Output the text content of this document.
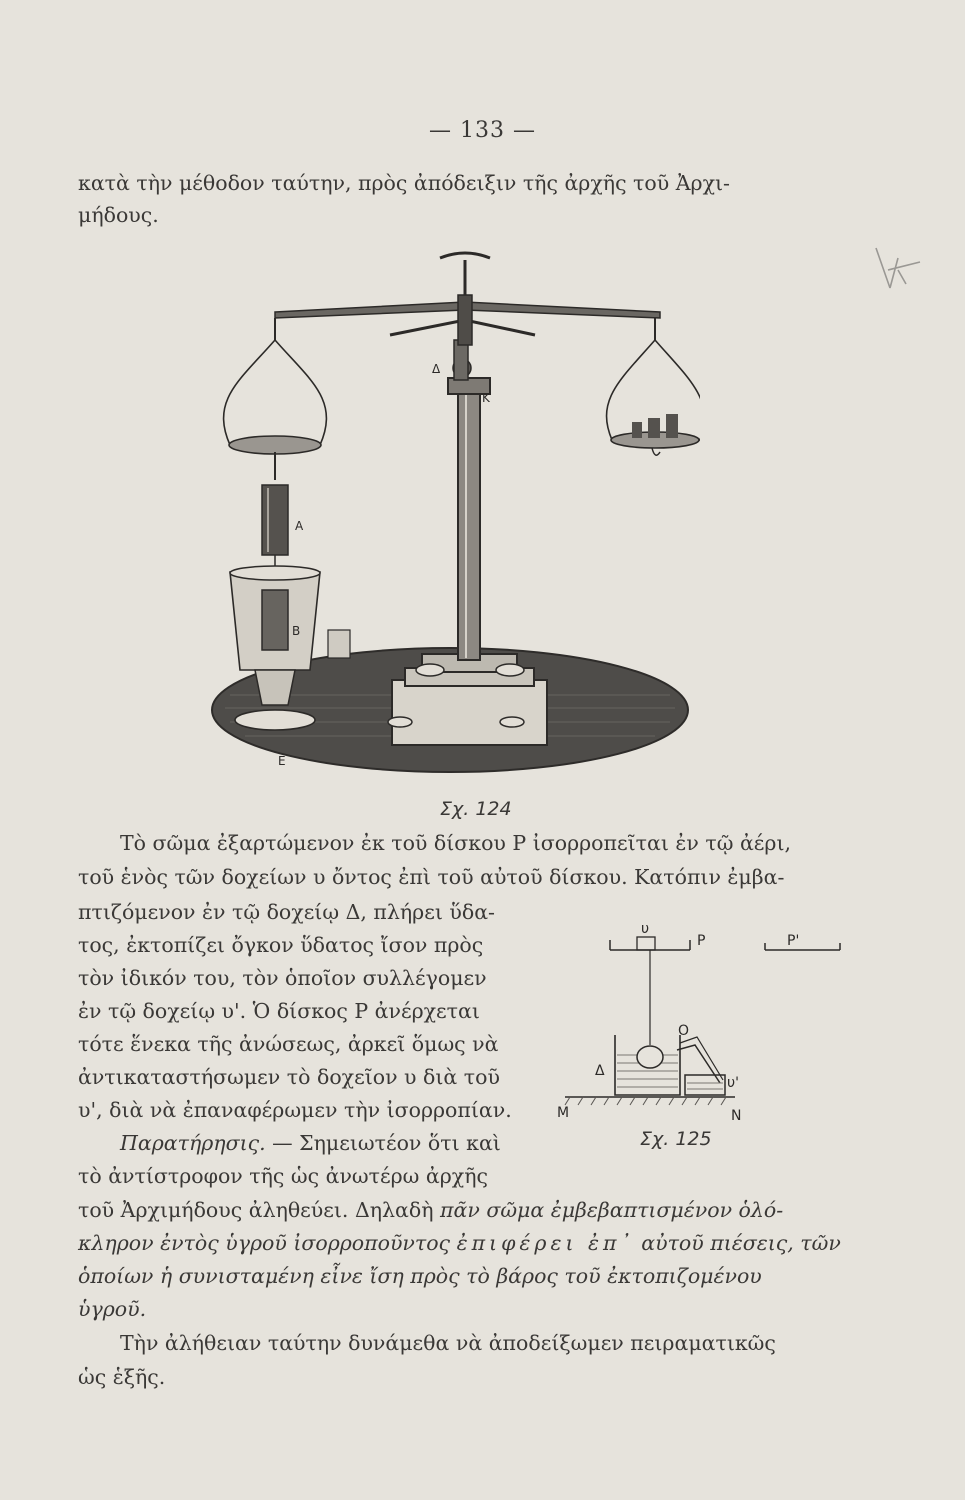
— 133 —
κατὰ τὴν μέθοδον ταύτην, πρὸς ἀπόδειξιν τῆς ἀρχῆς τοῦ Ἀρχι-
μήδους.
Δ
K
A
B
E
Σχ. 124
Τὸ σῶμα ἐξαρτώμενον ἐκ τοῦ δίσκου P ἰσορροπεῖται ἐν τῷ ἀέρι,
τοῦ ἑνὸς τῶν δοχείων υ ὄντος ἐπὶ τοῦ αὐτοῦ δίσκου. Κατόπιν ἐμβα-
πτιζόμενον ἐν τῷ δοχείῳ Δ, πλήρει ὕδα-
τος, ἐκτοπίζει ὄγκον ὕδατος ἴσον πρὸς
τὸν ἰδικόν του, τὸν ὁποῖον συλλέγομεν
ἐν τῷ δοχείῳ υ'. Ὁ δίσκος P ἀνέρχεται
τότε ἕνεκα τῆς ἀνώσεως, ἀρκεῖ ὅμως νὰ
ἀντικαταστήσωμεν τὸ δοχεῖον υ διὰ τοῦ
υ', διὰ νὰ ἐπαναφέρωμεν τὴν ἰσορροπίαν.
Παρατήρησις. — Σημειωτέον ὅτι καὶ
τὸ ἀντίστροφον τῆς ὡς ἀνωτέρω ἀρχῆς
τοῦ Ἀρχιμήδους ἀληθεύει. Δηλαδὴ πᾶν σῶμα ἐμβεβαπτισμένον ὁλό-
κληρον ἐντὸς ὑγροῦ ἰσορροποῦντος ἐπιφέρει ἐπ᾽ αὐτοῦ πιέσεις, τῶν
ὁποίων ἡ συνισταμένη εἶνε ἴση πρὸς τὸ βάρος τοῦ ἐκτοπιζομένου
ὑγροῦ.
Τὴν ἀλήθειαν ταύτην δυνάμεθα νὰ ἀποδείξωμεν πειραματικῶς
ὡς ἑξῆς.
υ
P	P'
O
Δ
υ'
M	N
Σχ. 125
